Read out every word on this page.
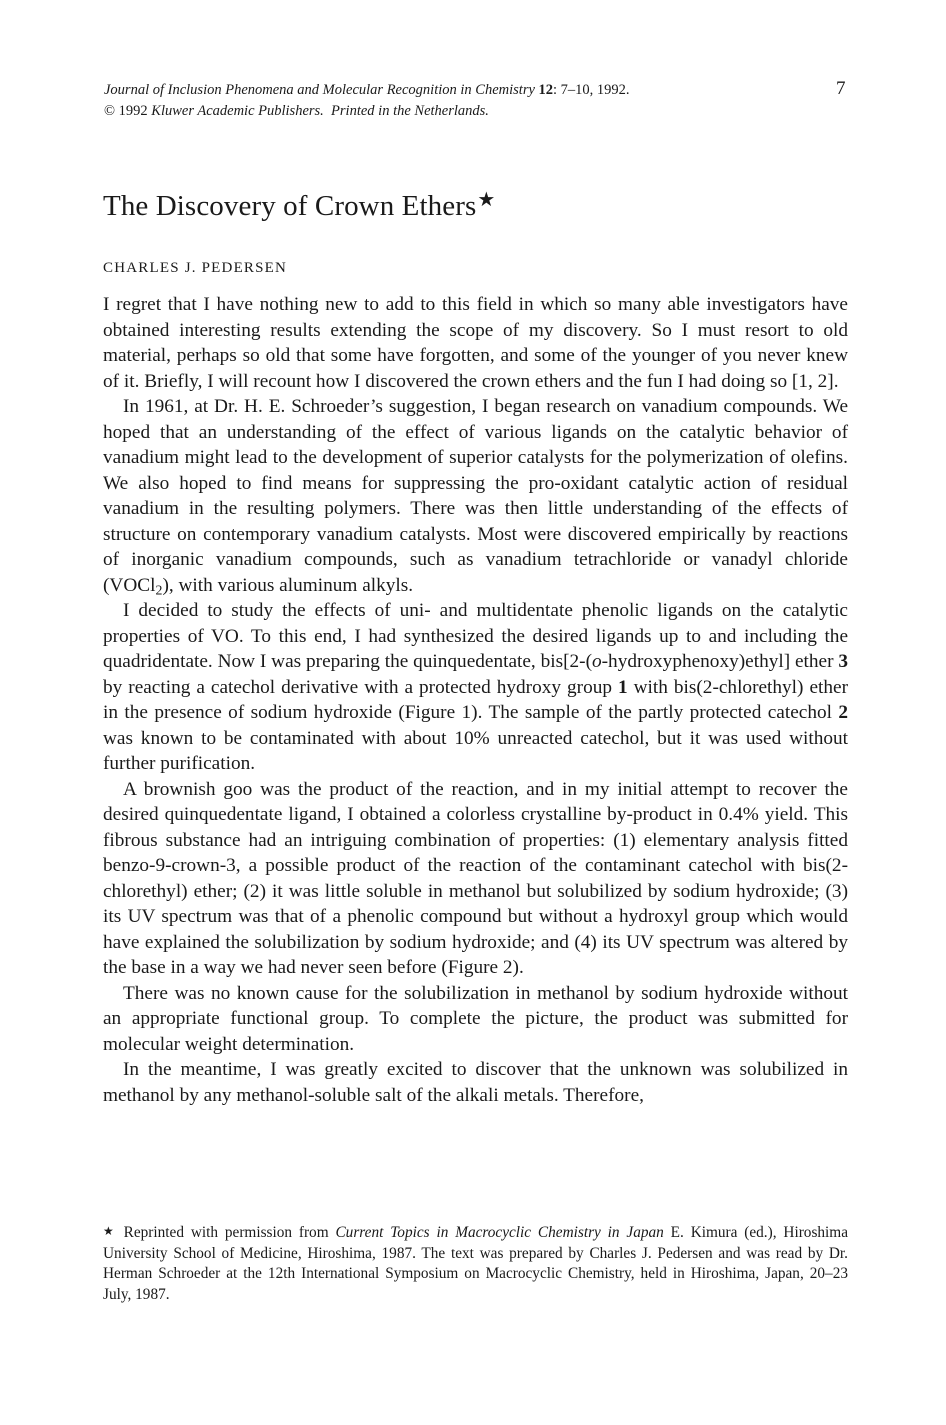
Journal of Inclusion Phenomena and Molecular Recognition in Chemistry 12: 7–10, 1992.
© 1992 Kluwer Academic Publishers. Printed in the Netherlands.
7
The Discovery of Crown Ethers★
CHARLES J. PEDERSEN

I regret that I have nothing new to add to this field in which so many able investigators have obtained interesting results extending the scope of my discovery. So I must resort to old material, perhaps so old that some have forgotten, and some of the younger of you never knew of it. Briefly, I will recount how I discovered the crown ethers and the fun I had doing so [1, 2].

In 1961, at Dr. H. E. Schroeder’s suggestion, I began research on vanadium compounds. We hoped that an understanding of the effect of various ligands on the catalytic behavior of vanadium might lead to the development of superior catalysts for the polymerization of olefins. We also hoped to find means for suppressing the pro-oxidant catalytic action of residual vanadium in the resulting polymers. There was then little understanding of the effects of structure on contemporary vanadium catalysts. Most were discovered empirically by reactions of inorganic vanadium compounds, such as vanadium tetrachloride or vanadyl chloride (VOCl$_2$), with various aluminum alkyls.

I decided to study the effects of uni- and multidentate phenolic ligands on the catalytic properties of VO. To this end, I had synthesized the desired ligands up to and including the quadridentate. Now I was preparing the quinquedentate, bis[2-(o-hydroxyphenoxy)ethyl] ether 3 by reacting a catechol derivative with a protected hydroxy group 1 with bis(2-chlorethyl) ether in the presence of sodium hydroxide (Figure 1). The sample of the partly protected catechol 2 was known to be contaminated with about 10% unreacted catechol, but it was used without further purification.

A brownish goo was the product of the reaction, and in my initial attempt to recover the desired quinquedentate ligand, I obtained a colorless crystalline by-product in 0.4% yield. This fibrous substance had an intriguing combination of properties: (1) elementary analysis fitted benzo-9-crown-3, a possible product of the reaction of the contaminant catechol with bis(2-chlorethyl) ether; (2) it was little soluble in methanol but solubilized by sodium hydroxide; (3) its UV spectrum was that of a phenolic compound but without a hydroxyl group which would have explained the solubilization by sodium hydroxide; and (4) its UV spectrum was altered by the base in a way we had never seen before (Figure 2).

There was no known cause for the solubilization in methanol by sodium hydroxide without an appropriate functional group. To complete the picture, the product was submitted for molecular weight determination.

In the meantime, I was greatly excited to discover that the unknown was solubilized in methanol by any methanol-soluble salt of the alkali metals. Therefore,

★ Reprinted with permission from Current Topics in Macrocyclic Chemistry in Japan E. Kimura (ed.), Hiroshima University School of Medicine, Hiroshima, 1987. The text was prepared by Charles J. Pedersen and was read by Dr. Herman Schroeder at the 12th International Symposium on Macrocyclic Chemistry, held in Hiroshima, Japan, 20–23 July, 1987.
